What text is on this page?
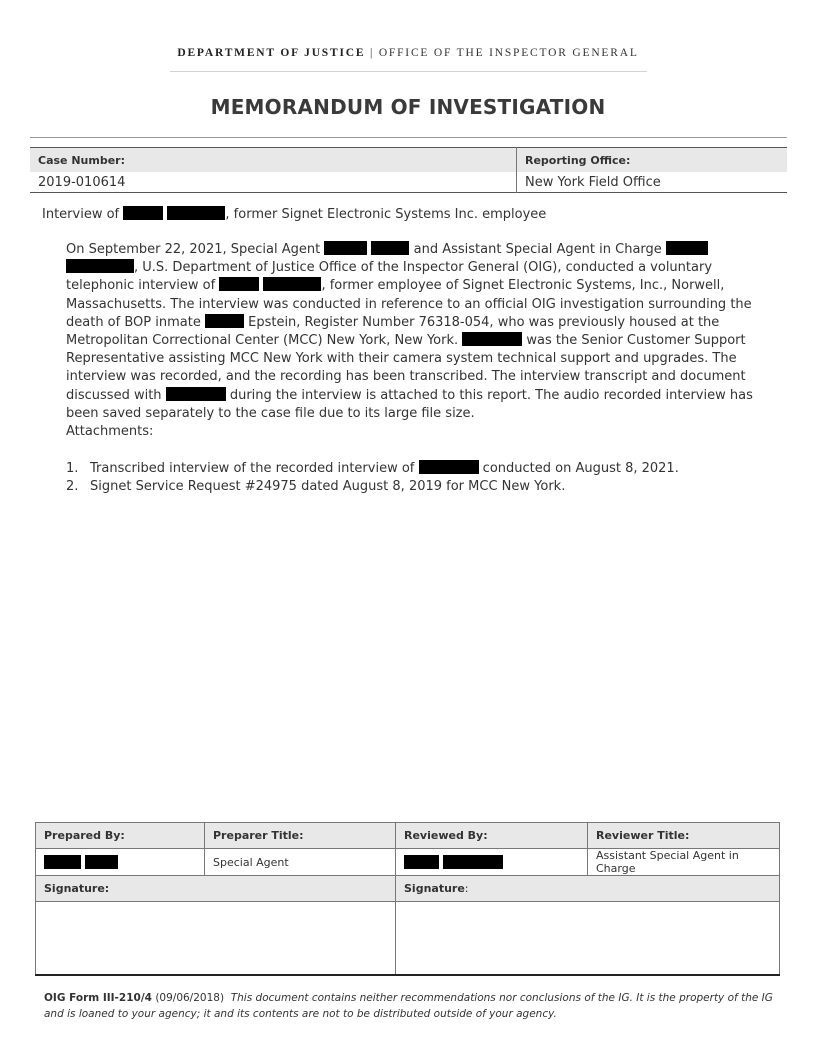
DEPARTMENT OF JUSTICE | OFFICE OF THE INSPECTOR GENERAL
MEMORANDUM OF INVESTIGATION
Case Number:	Reporting Office:
2019-010614	New York Field Office
Interview of	, former Signet Electronic Systems Inc. employee

On September 22, 2021, Special Agent	and Assistant Special Agent in Charge  , U.S. Department of Justice Office of the Inspector General (OIG), conducted a voluntary telephonic interview of	, former employee of Signet Electronic Systems, Inc., Norwell, Massachusetts. The interview was conducted in reference to an official OIG investigation surrounding the death of BOP inmate	Epstein, Register Number 76318-054, who was previously housed at the Metropolitan Correctional Center (MCC) New York, New York.	was the Senior Customer Support Representative assisting MCC New York with their camera system technical support and upgrades. The interview was recorded, and the recording has been transcribed. The interview transcript and document discussed with	during the interview is attached to this report. The audio recorded interview has been saved separately to the case file due to its large file size.

Attachments:
1. Transcribed interview of the recorded interview of	conducted on August 8, 2021.
2. Signet Service Request #24975 dated August 8, 2019 for MCC New York.
Prepared By:	Preparer Title:	Reviewed By:	Reviewer Title:
	Special Agent		Assistant Special Agent in Charge
Signature:		Signature:	

OIG Form III-210/4 (09/06/2018) This document contains neither recommendations nor conclusions of the IG. It is the property of the IG and is loaned to your agency; it and its contents are not to be distributed outside of your agency.
